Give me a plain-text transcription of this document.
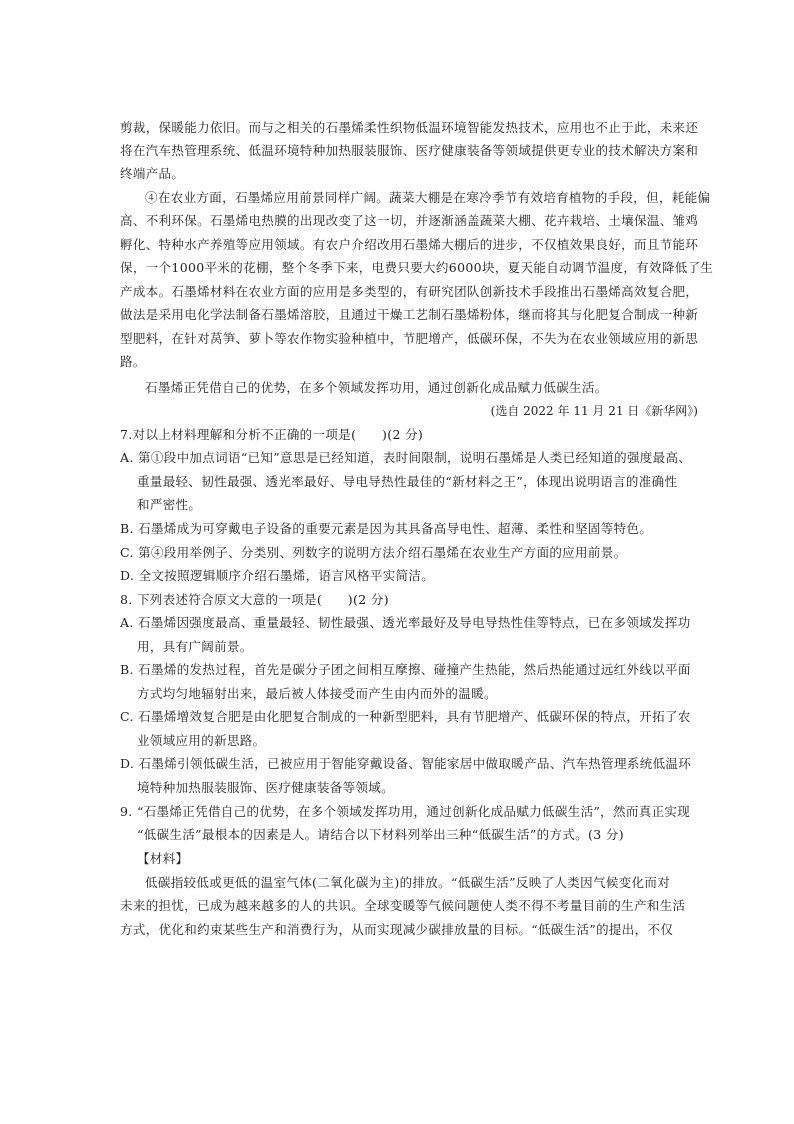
剪裁，保暖能力依旧。而与之相关的石墨烯柔性织物低温环境智能发热技术，应用也不止于此，未来还
将在汽车热管理系统、低温环境特种加热服装服饰、医疗健康装备等领域提供更专业的技术解决方案和
终端产品。
④在农业方面，石墨烯应用前景同样广阔。蔬菜大棚是在寒冷季节有效培育植物的手段，但，耗能偏
高、不利环保。石墨烯电热膜的出现改变了这一切，并逐渐涵盖蔬菜大棚、花卉栽培、土壤保温、雏鸡
孵化、特种水产养殖等应用领域。有农户介绍改用石墨烯大棚后的进步，不仅植效果良好，而且节能环
保，一个1000平米的花棚，整个冬季下来，电费只要大约6000块，夏天能自动调节温度，有效降低了生
产成本。石墨烯材料在农业方面的应用是多类型的，有研究团队创新技术手段推出石墨烯高效复合肥，
做法是采用电化学法制备石墨烯溶胶，且通过干燥工艺制石墨烯粉体，继而将其与化肥复合制成一种新
型肥料，在针对莴笋、萝卜等农作物实验种植中，节肥增产，低碳环保，不失为在农业领域应用的新思
路。
石墨烯正凭借自己的优势，在多个领域发挥功用，通过创新化成品赋力低碳生活。
(选自 2022 年 11 月 21 日《新华网》)
7.对以上材料理解和分析不正确的一项是(　　)(2 分)
A. 第①段中加点词语“已知”意思是已经知道，表时间限制，说明石墨烯是人类已经知道的强度最高、
重量最轻、韧性最强、透光率最好、导电导热性最佳的“新材料之王”，体现出说明语言的准确性
和严密性。
B. 石墨烯成为可穿戴电子设备的重要元素是因为其具备高导电性、超薄、柔性和坚固等特色。
C. 第④段用举例子、分类别、列数字的说明方法介绍石墨烯在农业生产方面的应用前景。
D. 全文按照逻辑顺序介绍石墨烯，语言风格平实简洁。
8. 下列表述符合原文大意的一项是(　　)(2 分)
A. 石墨烯因强度最高、重量最轻、韧性最强、透光率最好及导电导热性佳等特点，已在多领域发挥功
用，具有广阔前景。
B. 石墨烯的发热过程，首先是碳分子团之间相互摩擦、碰撞产生热能，然后热能通过远红外线以平面
方式均匀地辐射出来，最后被人体接受而产生由内而外的温暖。
C. 石墨烯增效复合肥是由化肥复合制成的一种新型肥料，具有节肥增产、低碳环保的特点，开拓了农
业领域应用的新思路。
D. 石墨烯引领低碳生活，已被应用于智能穿戴设备、智能家居中做取暖产品、汽车热管理系统低温环
境特种加热服装服饰、医疗健康装备等领域。
9. “石墨烯正凭借自己的优势，在多个领域发挥功用，通过创新化成品赋力低碳生活”，然而真正实现
“低碳生活”最根本的因素是人。请结合以下材料列举出三种“低碳生活”的方式。(3 分)
【材料】
低碳指较低或更低的温室气体(二氧化碳为主)的排放。“低碳生活”反映了人类因气候变化而对
未来的担忧，已成为越来越多的人的共识。全球变暖等气候问题使人类不得不考量目前的生产和生活
方式，优化和约束某些生产和消费行为，从而实现减少碳排放量的目标。“低碳生活”的提出，不仅
